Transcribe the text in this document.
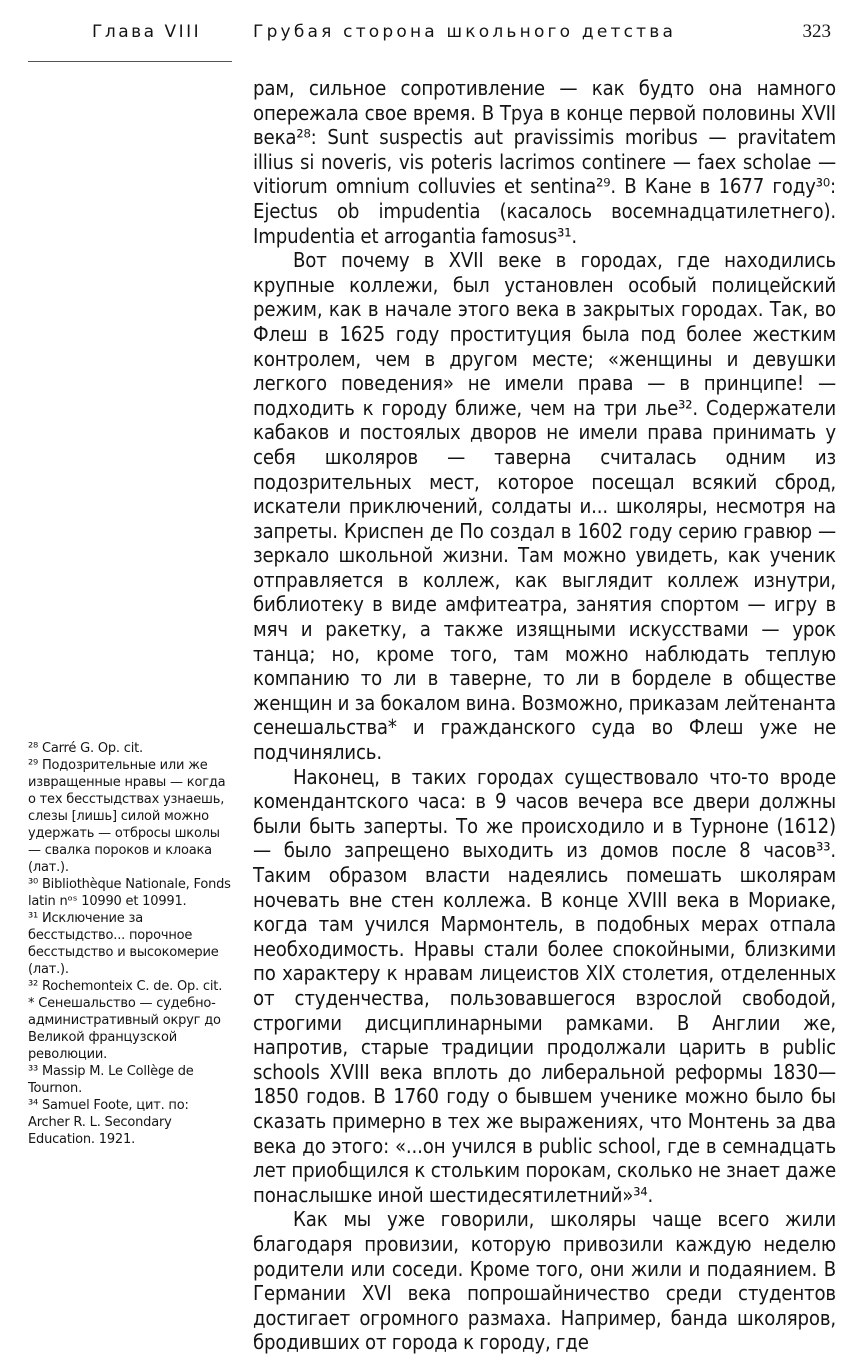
Глава VIII	Грубая сторона школьного детства	323

рам, сильное сопротивление — как будто она намного опережала свое время. В Труа в конце первой половины XVII века²⁸: Sunt suspectis aut pravissimis moribus — pravitatem illius si noveris, vis poteris lacrimos continere — faex scholae — vitiorum omnium colluvies et sentina²⁹. В Кане в 1677 году³⁰: Ejectus ob impudentia (касалось восемнадцатилетнего). Impudentia et arrogantia famosus³¹.

Вот почему в XVII веке в городах, где находились крупные коллежи, был установлен особый полицейский режим, как в начале этого века в закрытых городах. Так, во Флеш в 1625 году проституция была под более жестким контролем, чем в другом месте; «женщины и девушки легкого поведения» не имели права — в принципе! — подходить к городу ближе, чем на три лье³². Содержатели кабаков и постоялых дворов не имели права принимать у себя школяров — таверна считалась одним из подозрительных мест, которое посещал всякий сброд, искатели приключений, солдаты и... школяры, несмотря на запреты. Криспен де По создал в 1602 году серию гравюр — зеркало школьной жизни. Там можно увидеть, как ученик отправляется в коллеж, как выглядит коллеж изнутри, библиотеку в виде амфитеатра, занятия спортом — игру в мяч и ракетку, а также изящными искусствами — урок танца; но, кроме того, там можно наблюдать теплую компанию то ли в таверне, то ли в борделе в обществе женщин и за бокалом вина. Возможно, приказам лейтенанта сенешальства* и гражданского суда во Флеш уже не подчинялись.

Наконец, в таких городах существовало что-то вроде комендантского часа: в 9 часов вечера все двери должны были быть заперты. То же происходило и в Турноне (1612) — было запрещено выходить из домов после 8 часов³³. Таким образом власти надеялись помешать школярам ночевать вне стен коллежа. В конце XVIII века в Мориаке, когда там учился Мармонтель, в подобных мерах отпала необходимость. Нравы стали более спокойными, близкими по характеру к нравам лицеистов XIX столетия, отделенных от студенчества, пользовавшегося взрослой свободой, строгими дисциплинарными рамками. В Англии же, напротив, старые традиции продолжали царить в public schools XVIII века вплоть до либеральной реформы 1830—1850 годов. В 1760 году о бывшем ученике можно было бы сказать примерно в тех же выражениях, что Монтень за два века до этого: «...он учился в public school, где в семнадцать лет приобщился к стольким порокам, сколько не знает даже понаслышке иной шестидесятилетний»³⁴.

Как мы уже говорили, школяры чаще всего жили благодаря провизии, которую привозили каждую неделю родители или соседи. Кроме того, они жили и подаянием. В Германии XVI века попрошайничество среди студентов достигает огромного размаха. Например, банда школяров, бродивших от города к городу, где

²⁸ Carré G. Op. cit.

²⁹ Подозрительные или же извращенные нравы — когда о тех бесстыдствах узнаешь, слезы [лишь] силой можно удержать — отбросы школы — свалка пороков и клоака (лат.).

³⁰ Bibliothèque Nationale, Fonds latin nᵒˢ 10990 et 10991.

³¹ Исключение за бесстыдство... порочное бесстыдство и высокомерие (лат.).

³² Rochemonteix C. de. Op. cit.

* Сенешальство — судебно-административный округ до Великой французской революции.

³³ Massip M. Le Collège de Tournon.

³⁴ Samuel Foote, цит. по: Archer R. L. Secondary Education. 1921.
